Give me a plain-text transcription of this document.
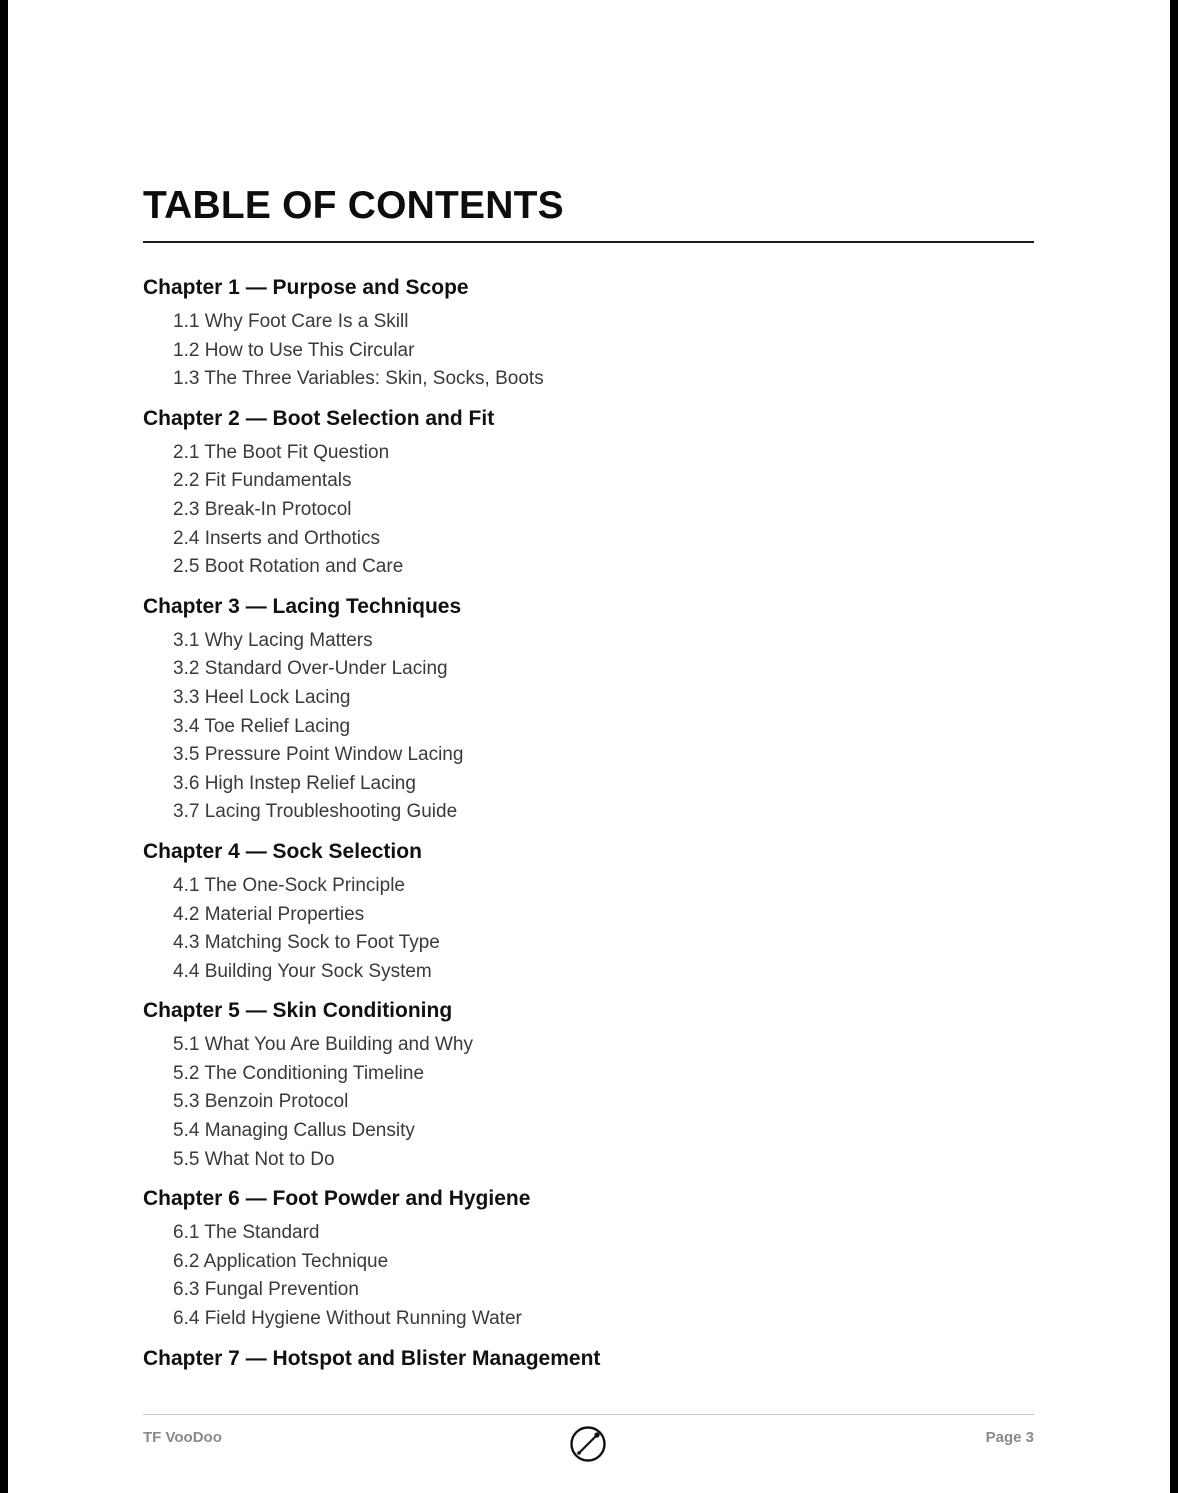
TABLE OF CONTENTS
Chapter 1 — Purpose and Scope
1.1 Why Foot Care Is a Skill
1.2 How to Use This Circular
1.3 The Three Variables: Skin, Socks, Boots
Chapter 2 — Boot Selection and Fit
2.1 The Boot Fit Question
2.2 Fit Fundamentals
2.3 Break-In Protocol
2.4 Inserts and Orthotics
2.5 Boot Rotation and Care
Chapter 3 — Lacing Techniques
3.1 Why Lacing Matters
3.2 Standard Over-Under Lacing
3.3 Heel Lock Lacing
3.4 Toe Relief Lacing
3.5 Pressure Point Window Lacing
3.6 High Instep Relief Lacing
3.7 Lacing Troubleshooting Guide
Chapter 4 — Sock Selection
4.1 The One-Sock Principle
4.2 Material Properties
4.3 Matching Sock to Foot Type
4.4 Building Your Sock System
Chapter 5 — Skin Conditioning
5.1 What You Are Building and Why
5.2 The Conditioning Timeline
5.3 Benzoin Protocol
5.4 Managing Callus Density
5.5 What Not to Do
Chapter 6 — Foot Powder and Hygiene
6.1 The Standard
6.2 Application Technique
6.3 Fungal Prevention
6.4 Field Hygiene Without Running Water
Chapter 7 — Hotspot and Blister Management
TF VooDoo	Page 3
